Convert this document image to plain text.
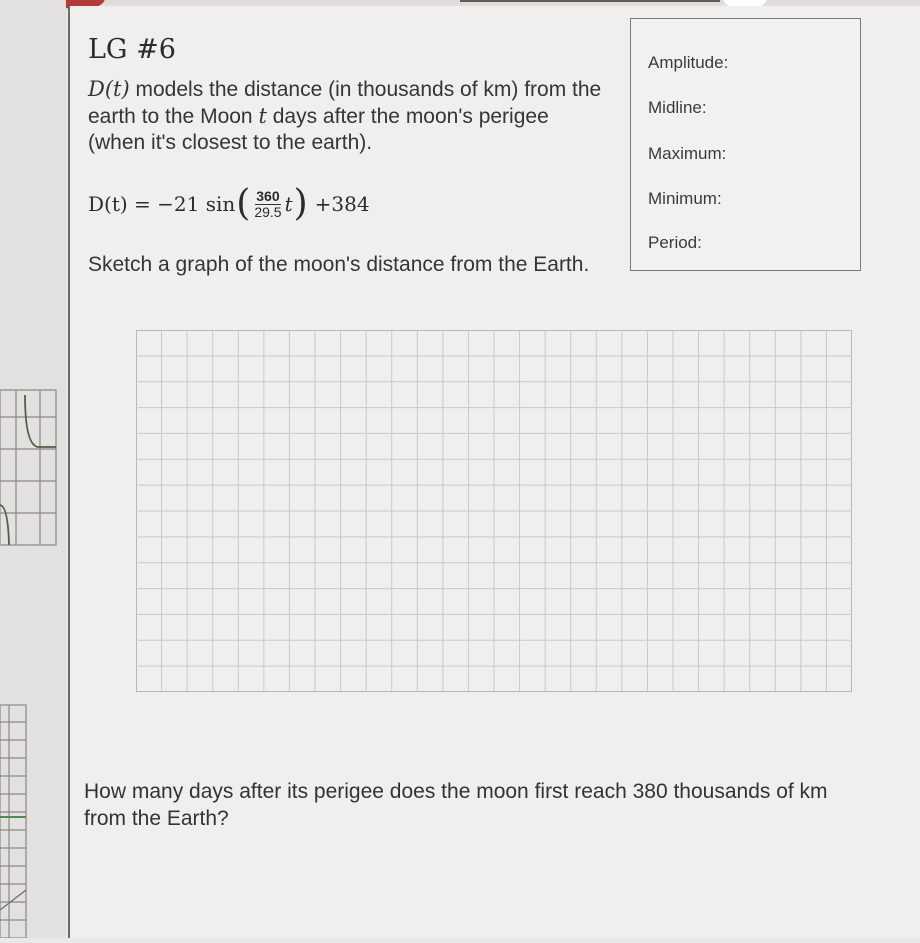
LG #6
D(t) models the distance (in thousands of km) from the earth to the Moon t days after the moon's perigee (when it's closest to the earth).
D(t) = −21 sin ( $\frac{360}{29.5}$ t ) +384
Sketch a graph of the moon's distance from the Earth.
Amplitude:
Midline:
Maximum:
Minimum:
Period:
How many days after its perigee does the moon first reach 380 thousands of km from the Earth?
